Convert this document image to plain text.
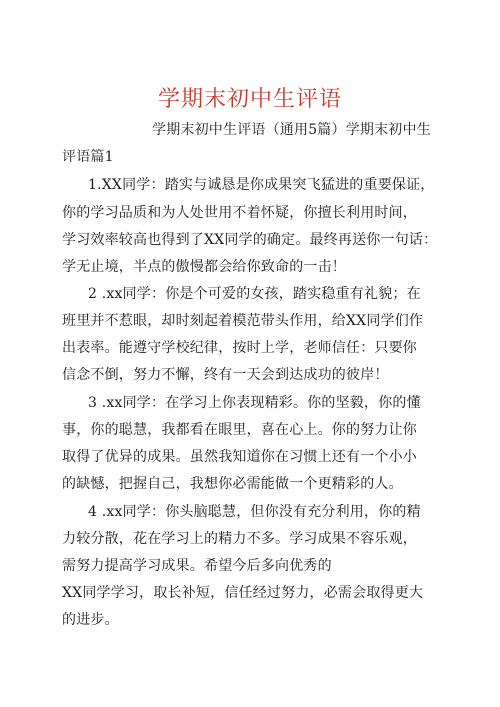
学期末初中生评语
学期末初中生评语（通用5篇）学期末初中生
评语篇1
1.XX同学：踏实与诚恳是你成果突飞猛进的重要保证，
你的学习品质和为人处世用不着怀疑，你擅长利用时间，
学习效率较高也得到了XX同学的确定。最终再送你一句话：
学无止境，半点的傲慢都会给你致命的一击！
2 .xx同学：你是个可爱的女孩，踏实稳重有礼貌；在
班里并不惹眼，却时刻起着模范带头作用，给XX同学们作
出表率。能遵守学校纪律，按时上学，老师信任：只要你
信念不倒，努力不懈，终有一天会到达成功的彼岸！
3 .xx同学：在学习上你表现精彩。你的坚毅，你的懂
事，你的聪慧，我都看在眼里，喜在心上。你的努力让你
取得了优异的成果。虽然我知道你在习惯上还有一个小小
的缺憾，把握自己，我想你必需能做一个更精彩的人。
4 .xx同学：你头脑聪慧，但你没有充分利用，你的精
力较分散，花在学习上的精力不多。学习成果不容乐观，
需努力提高学习成果。希望今后多向优秀的
XX同学学习，取长补短，信任经过努力，必需会取得更大
的进步。
